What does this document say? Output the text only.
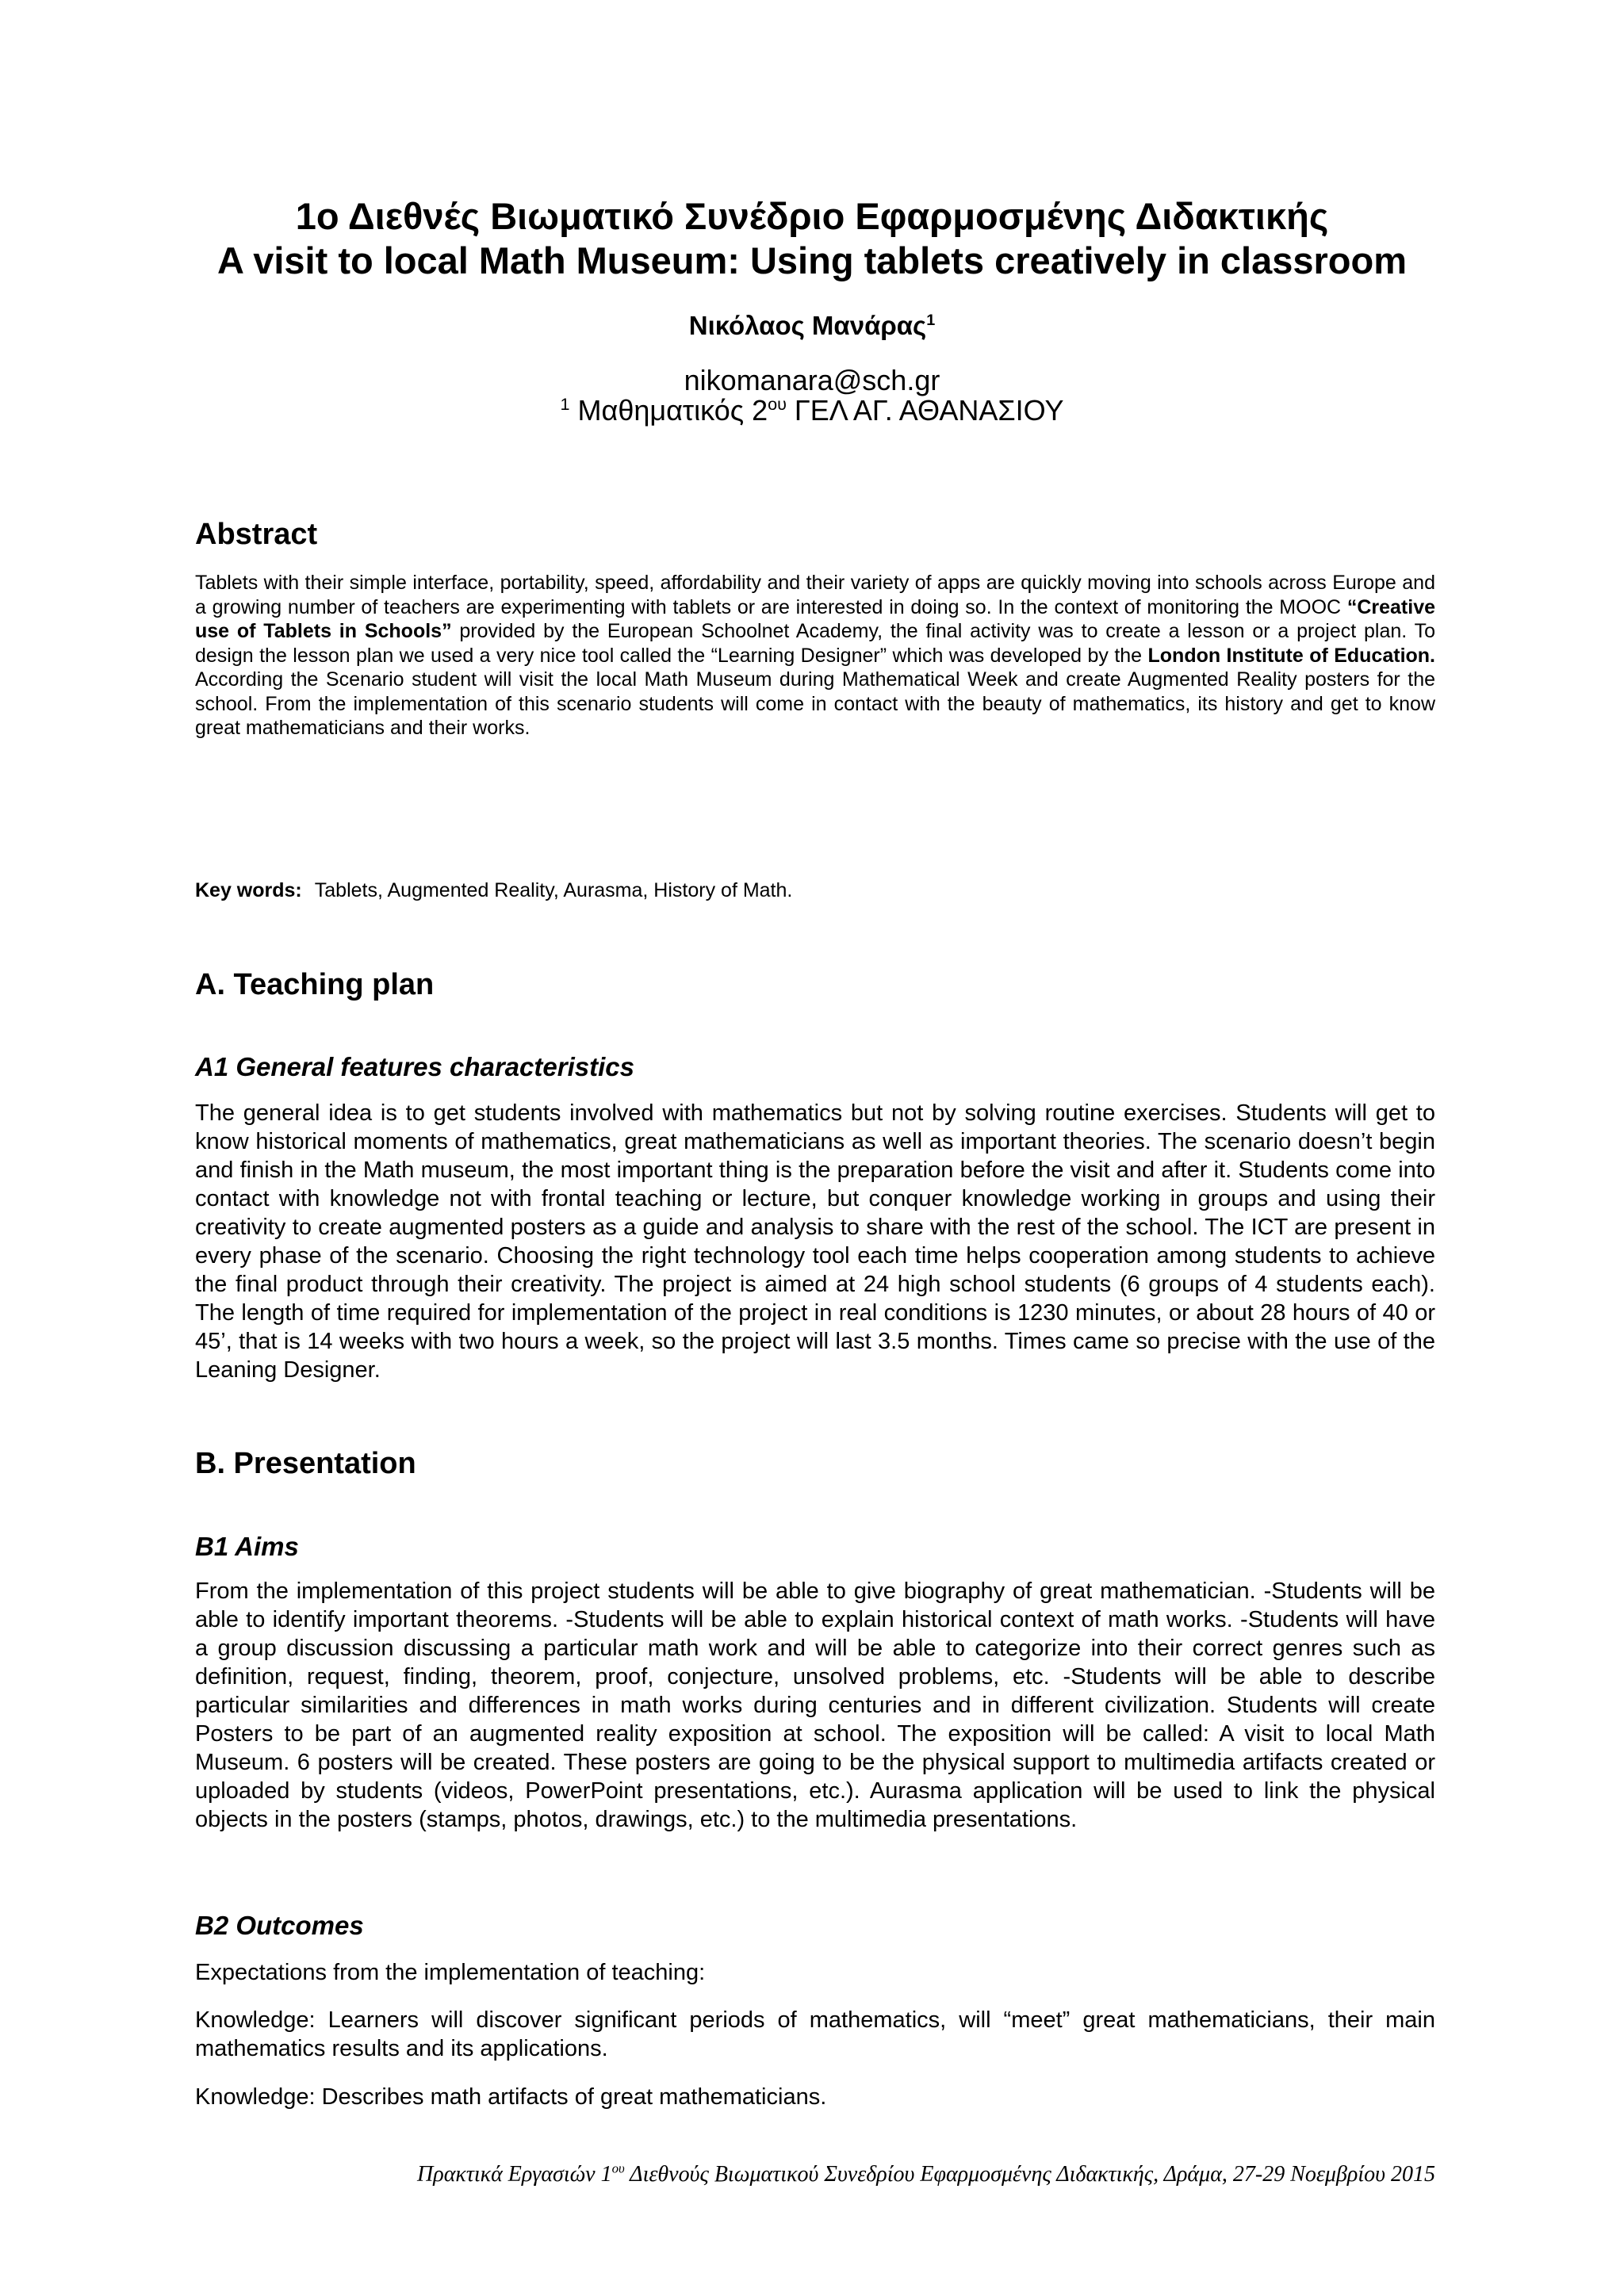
1ο Διεθνές Βιωματικό Συνέδριο Εφαρμοσμένης Διδακτικής
A visit to local Math Museum: Using tablets creatively in classroom
Νικόλαος Μανάρας$^1$
nikomanara@sch.gr
$^1$ Μαθηματικός $2^{o\upsilon}$ ΓΕΛ ΑΓ. ΑΘΑΝΑΣΙΟΥ
Abstract

Tablets with their simple interface, portability, speed, affordability and their variety of apps are quickly moving into schools across Europe and a growing number of teachers are experimenting with tablets or are interested in doing so. In the context of monitoring the MOOC “Creative use of Tablets in Schools” provided by the European Schoolnet Academy, the final activity was to create a lesson or a project plan. To design the lesson plan we used a very nice tool called the “Learning Designer” which was developed by the London Institute of Education. According the Scenario student will visit the local Math Museum during Mathematical Week and create Augmented Reality posters for the school. From the implementation of this scenario students will come in contact with the beauty of mathematics, its history and get to know great mathematicians and their works.

Key words: Tablets, Augmented Reality, Aurasma, History of Math.

A. Teaching plan
A1 General features characteristics

The general idea is to get students involved with mathematics but not by solving routine exercises. Students will get to know historical moments of mathematics, great mathematicians as well as important theories. The scenario doesn’t begin and finish in the Math museum, the most important thing is the preparation before the visit and after it. Students come into contact with knowledge not with frontal teaching or lecture, but conquer knowledge working in groups and using their creativity to create augmented posters as a guide and analysis to share with the rest of the school. The ICT are present in every phase of the scenario. Choosing the right technology tool each time helps cooperation among students to achieve the final product through their creativity. The project is aimed at 24 high school students (6 groups of 4 students each). The length of time required for implementation of the project in real conditions is 1230 minutes, or about 28 hours of 40 or 45’, that is 14 weeks with two hours a week, so the project will last 3.5 months. Times came so precise with the use of the Leaning Designer.

B. Presentation
B1 Aims

From the implementation of this project students will be able to give biography of great mathematician. -Students will be able to identify important theorems. -Students will be able to explain historical context of math works. -Students will have a group discussion discussing a particular math work and will be able to categorize into their correct genres such as definition, request, finding, theorem, proof, conjecture, unsolved problems, etc. -Students will be able to describe particular similarities and differences in math works during centuries and in different civilization. Students will create Posters to be part of an augmented reality exposition at school. The exposition will be called: A visit to local Math Museum. 6 posters will be created. These posters are going to be the physical support to multimedia artifacts created or uploaded by students (videos, PowerPoint presentations, etc.). Aurasma application will be used to link the physical objects in the posters (stamps, photos, drawings, etc.) to the multimedia presentations.

B2 Outcomes

Expectations from the implementation of teaching:

Knowledge: Learners will discover significant periods of mathematics, will “meet” great mathematicians, their main mathematics results and its applications.

Knowledge: Describes math artifacts of great mathematicians.

Πρακτικά Εργασιών $1^{o\upsilon}$ Διεθνούς Βιωματικού Συνεδρίου Εφαρμοσμένης Διδακτικής, Δράμα, 27-29 Νοεμβρίου 2015
